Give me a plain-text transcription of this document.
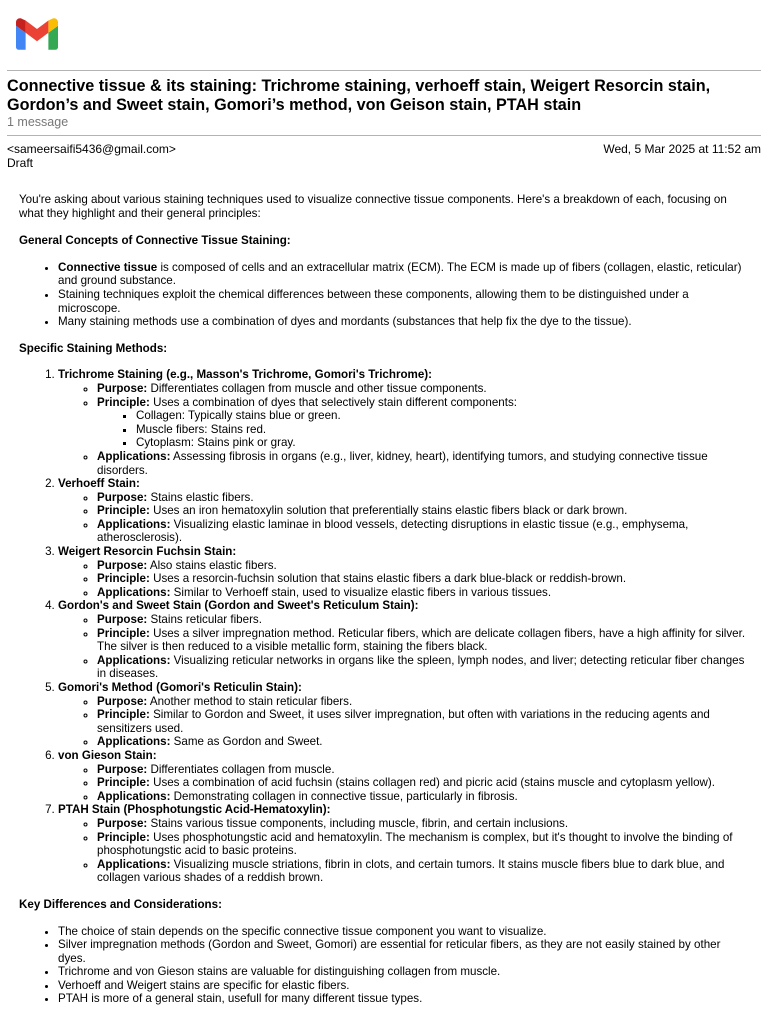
Connective tissue & its staining: Trichrome staining, verhoeff stain, Weigert Resorcin stain, Gordon’s and Sweet stain, Gomori’s method, von Geison stain, PTAH stain
1 message
<sameersaifi5436@gmail.com>	Wed, 5 Mar 2025 at 11:52 am
Draft

You're asking about various staining techniques used to visualize connective tissue components. Here's a breakdown of each, focusing on what they highlight and their general principles:

General Concepts of Connective Tissue Staining:

• Connective tissue is composed of cells and an extracellular matrix (ECM). The ECM is made up of fibers (collagen, elastic, reticular) and ground substance.
• Staining techniques exploit the chemical differences between these components, allowing them to be distinguished under a microscope.
• Many staining methods use a combination of dyes and mordants (substances that help fix the dye to the tissue).

Specific Staining Methods:

1. Trichrome Staining (e.g., Masson's Trichrome, Gomori's Trichrome):
◦ Purpose: Differentiates collagen from muscle and other tissue components.
◦ Principle: Uses a combination of dyes that selectively stain different components:
▪ Collagen: Typically stains blue or green.
▪ Muscle fibers: Stains red.
▪ Cytoplasm: Stains pink or gray.
◦ Applications: Assessing fibrosis in organs (e.g., liver, kidney, heart), identifying tumors, and studying connective tissue disorders.
2. Verhoeff Stain:
◦ Purpose: Stains elastic fibers.
◦ Principle: Uses an iron hematoxylin solution that preferentially stains elastic fibers black or dark brown.
◦ Applications: Visualizing elastic laminae in blood vessels, detecting disruptions in elastic tissue (e.g., emphysema, atherosclerosis).
3. Weigert Resorcin Fuchsin Stain:
◦ Purpose: Also stains elastic fibers.
◦ Principle: Uses a resorcin-fuchsin solution that stains elastic fibers a dark blue-black or reddish-brown.
◦ Applications: Similar to Verhoeff stain, used to visualize elastic fibers in various tissues.
4. Gordon's and Sweet Stain (Gordon and Sweet's Reticulum Stain):
◦ Purpose: Stains reticular fibers.
◦ Principle: Uses a silver impregnation method. Reticular fibers, which are delicate collagen fibers, have a high affinity for silver. The silver is then reduced to a visible metallic form, staining the fibers black.
◦ Applications: Visualizing reticular networks in organs like the spleen, lymph nodes, and liver; detecting reticular fiber changes in diseases.
5. Gomori's Method (Gomori's Reticulin Stain):
◦ Purpose: Another method to stain reticular fibers.
◦ Principle: Similar to Gordon and Sweet, it uses silver impregnation, but often with variations in the reducing agents and sensitizers used.
◦ Applications: Same as Gordon and Sweet.
6. von Gieson Stain:
◦ Purpose: Differentiates collagen from muscle.
◦ Principle: Uses a combination of acid fuchsin (stains collagen red) and picric acid (stains muscle and cytoplasm yellow).
◦ Applications: Demonstrating collagen in connective tissue, particularly in fibrosis.
7. PTAH Stain (Phosphotungstic Acid-Hematoxylin):
◦ Purpose: Stains various tissue components, including muscle, fibrin, and certain inclusions.
◦ Principle: Uses phosphotungstic acid and hematoxylin. The mechanism is complex, but it's thought to involve the binding of phosphotungstic acid to basic proteins.
◦ Applications: Visualizing muscle striations, fibrin in clots, and certain tumors. It stains muscle fibers blue to dark blue, and collagen various shades of a reddish brown.

Key Differences and Considerations:

• The choice of stain depends on the specific connective tissue component you want to visualize.
• Silver impregnation methods (Gordon and Sweet, Gomori) are essential for reticular fibers, as they are not easily stained by other dyes.
• Trichrome and von Gieson stains are valuable for distinguishing collagen from muscle.
• Verhoeff and Weigert stains are specific for elastic fibers.
• PTAH is more of a general stain, usefull for many different tissue types.
